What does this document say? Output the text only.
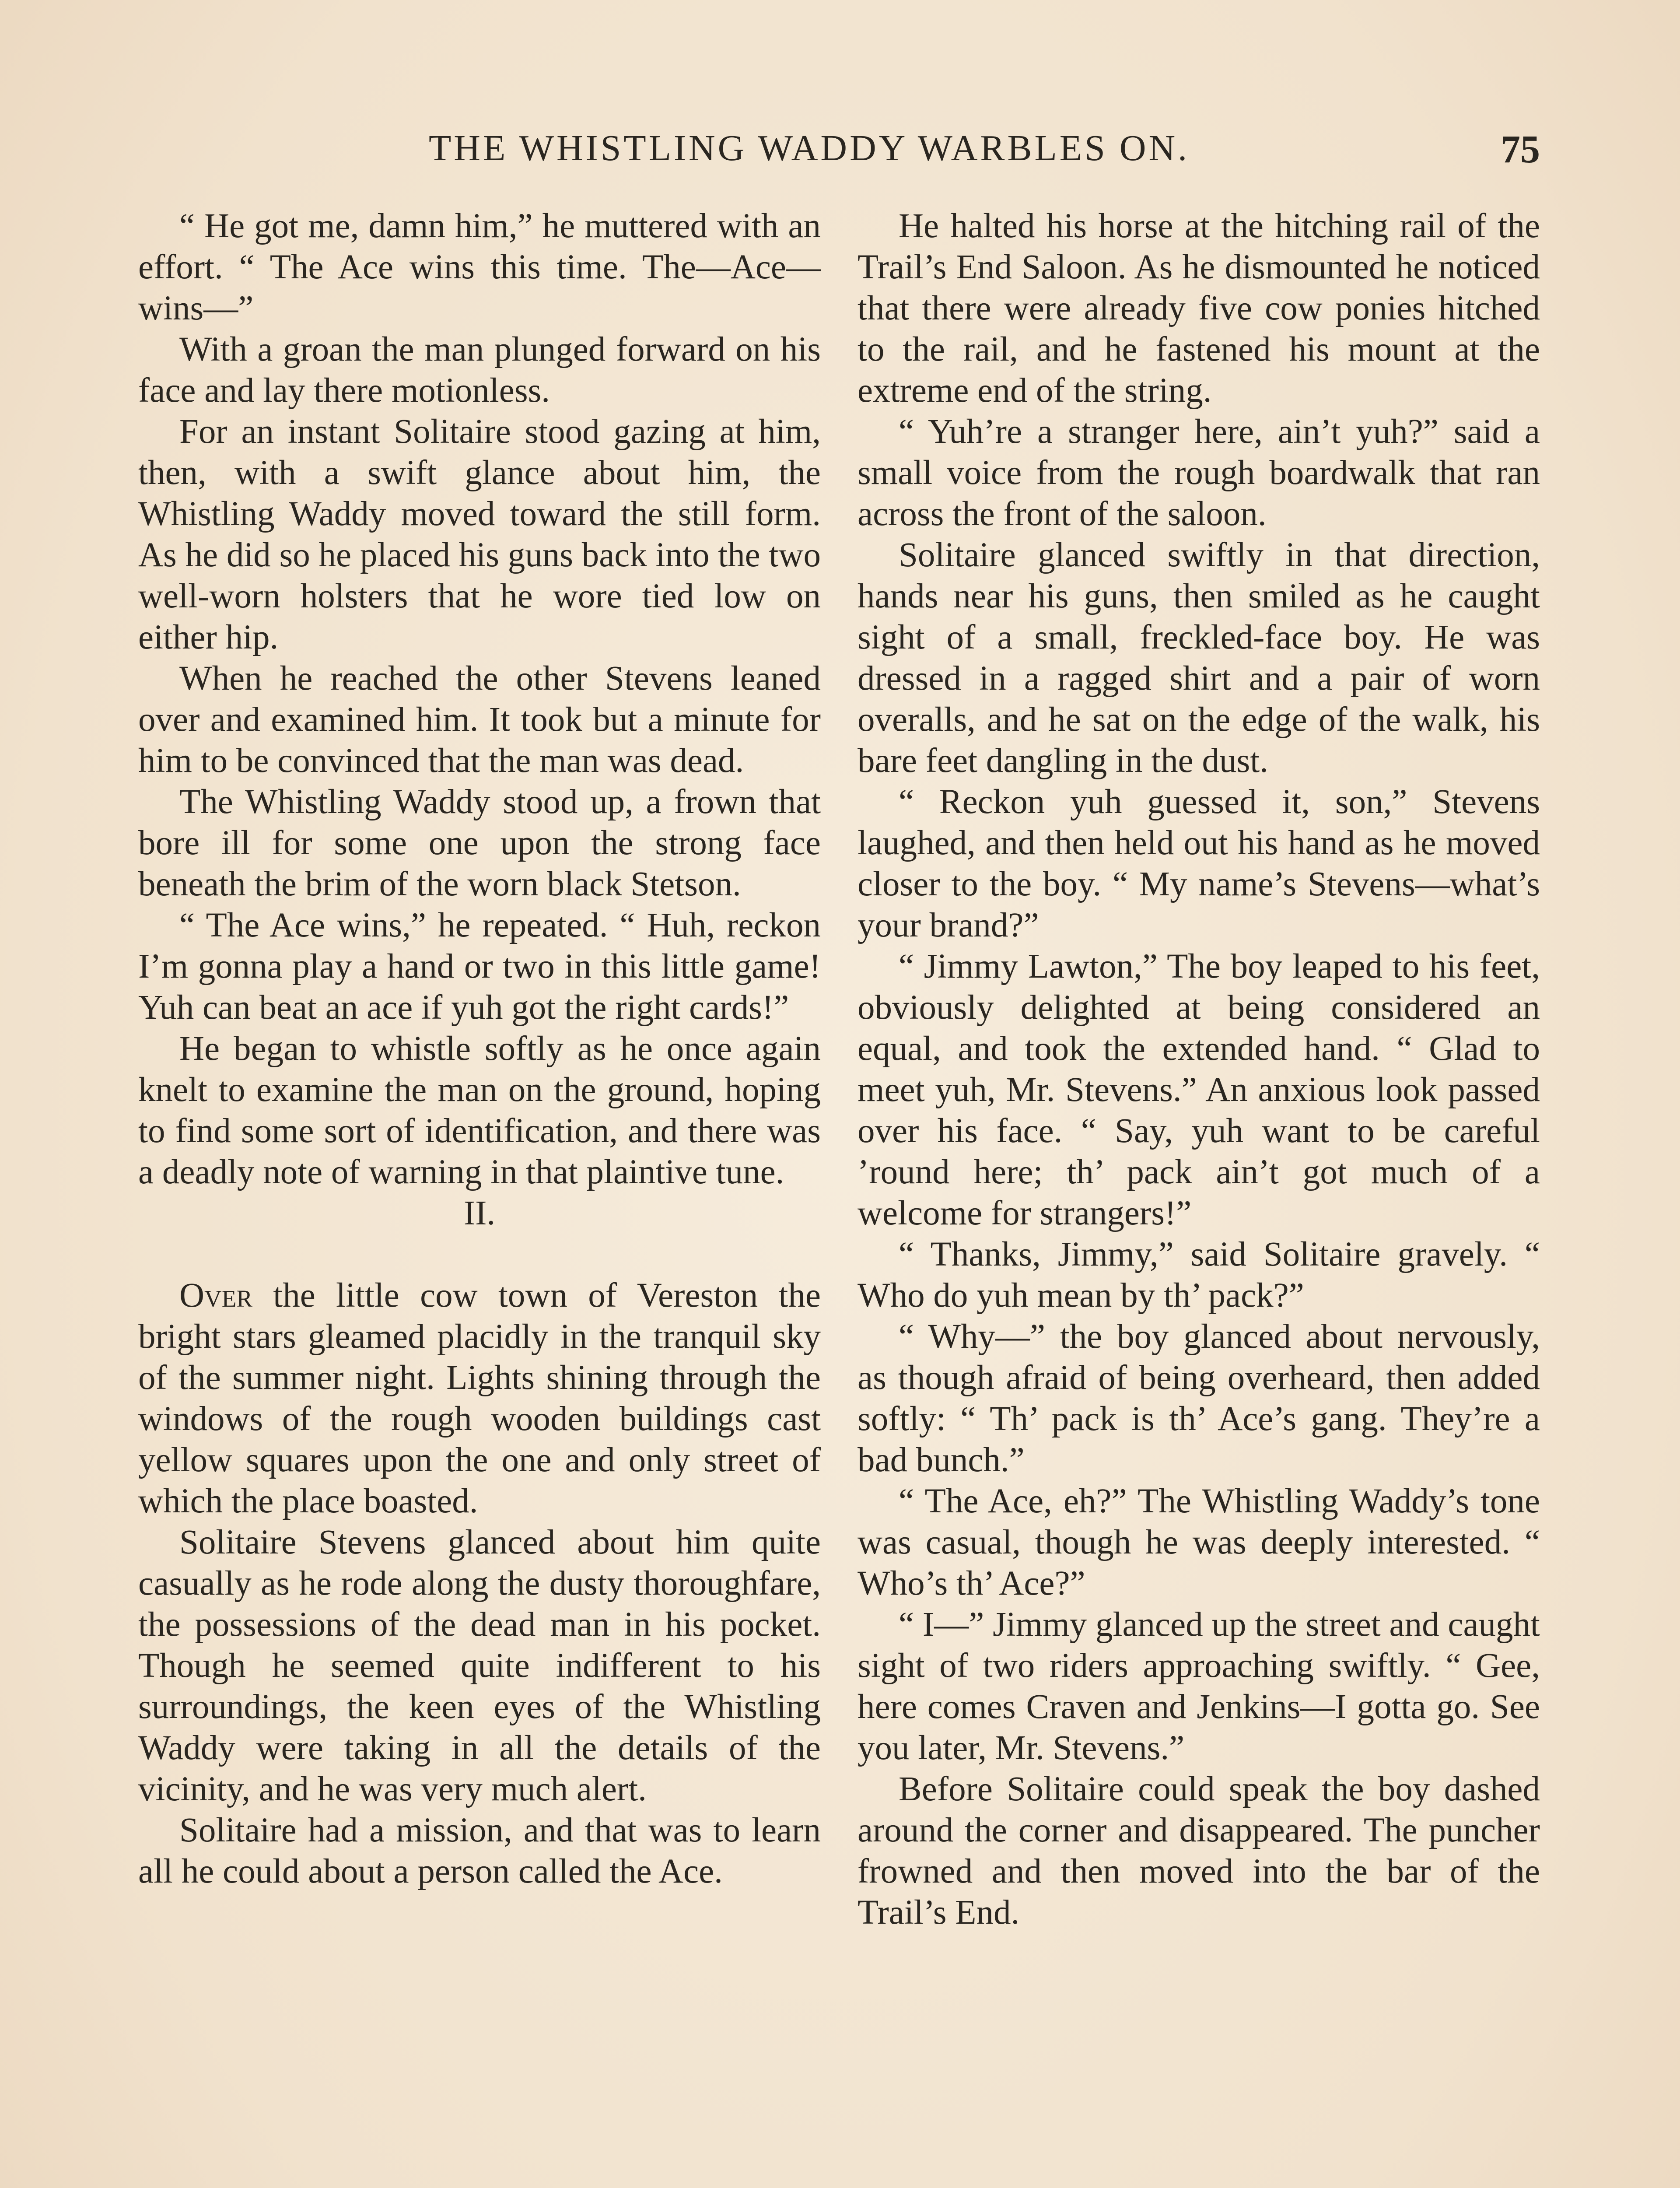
THE WHISTLING WADDY WARBLES ON.	75

“ He got me, damn him,” he muttered with an effort. “ The Ace wins this time. The—Ace—wins—”

With a groan the man plunged forward on his face and lay there motionless.

For an instant Solitaire stood gazing at him, then, with a swift glance about him, the Whistling Waddy moved toward the still form. As he did so he placed his guns back into the two well-worn holsters that he wore tied low on either hip.

When he reached the other Stevens leaned over and examined him. It took but a minute for him to be convinced that the man was dead.

The Whistling Waddy stood up, a frown that bore ill for some one upon the strong face beneath the brim of the worn black Stetson.

“ The Ace wins,” he repeated. “ Huh, reckon I’m gonna play a hand or two in this little game! Yuh can beat an ace if yuh got the right cards!”

He began to whistle softly as he once again knelt to examine the man on the ground, hoping to find some sort of identification, and there was a deadly note of warning in that plaintive tune.

II.

Over the little cow town of Vereston the bright stars gleamed placidly in the tranquil sky of the summer night. Lights shining through the windows of the rough wooden buildings cast yellow squares upon the one and only street of which the place boasted.

Solitaire Stevens glanced about him quite casually as he rode along the dusty thoroughfare, the possessions of the dead man in his pocket. Though he seemed quite indifferent to his surroundings, the keen eyes of the Whistling Waddy were taking in all the details of the vicinity, and he was very much alert.

Solitaire had a mission, and that was to learn all he could about a person called the Ace.

He halted his horse at the hitching rail of the Trail’s End Saloon. As he dismounted he noticed that there were already five cow ponies hitched to the rail, and he fastened his mount at the extreme end of the string.

“ Yuh’re a stranger here, ain’t yuh?” said a small voice from the rough boardwalk that ran across the front of the saloon.

Solitaire glanced swiftly in that direction, hands near his guns, then smiled as he caught sight of a small, freckled-face boy. He was dressed in a ragged shirt and a pair of worn overalls, and he sat on the edge of the walk, his bare feet dangling in the dust.

“ Reckon yuh guessed it, son,” Stevens laughed, and then held out his hand as he moved closer to the boy. “ My name’s Stevens—what’s your brand?”

“ Jimmy Lawton,” The boy leaped to his feet, obviously delighted at being considered an equal, and took the extended hand. “ Glad to meet yuh, Mr. Stevens.” An anxious look passed over his face. “ Say, yuh want to be careful ’round here; th’ pack ain’t got much of a welcome for strangers!”

“ Thanks, Jimmy,” said Solitaire gravely. “ Who do yuh mean by th’ pack?”

“ Why—” the boy glanced about nervously, as though afraid of being overheard, then added softly: “ Th’ pack is th’ Ace’s gang. They’re a bad bunch.”

“ The Ace, eh?” The Whistling Waddy’s tone was casual, though he was deeply interested. “ Who’s th’ Ace?”

“ I—” Jimmy glanced up the street and caught sight of two riders approaching swiftly. “ Gee, here comes Craven and Jenkins—I gotta go. See you later, Mr. Stevens.”

Before Solitaire could speak the boy dashed around the corner and disappeared. The puncher frowned and then moved into the bar of the Trail’s End.
